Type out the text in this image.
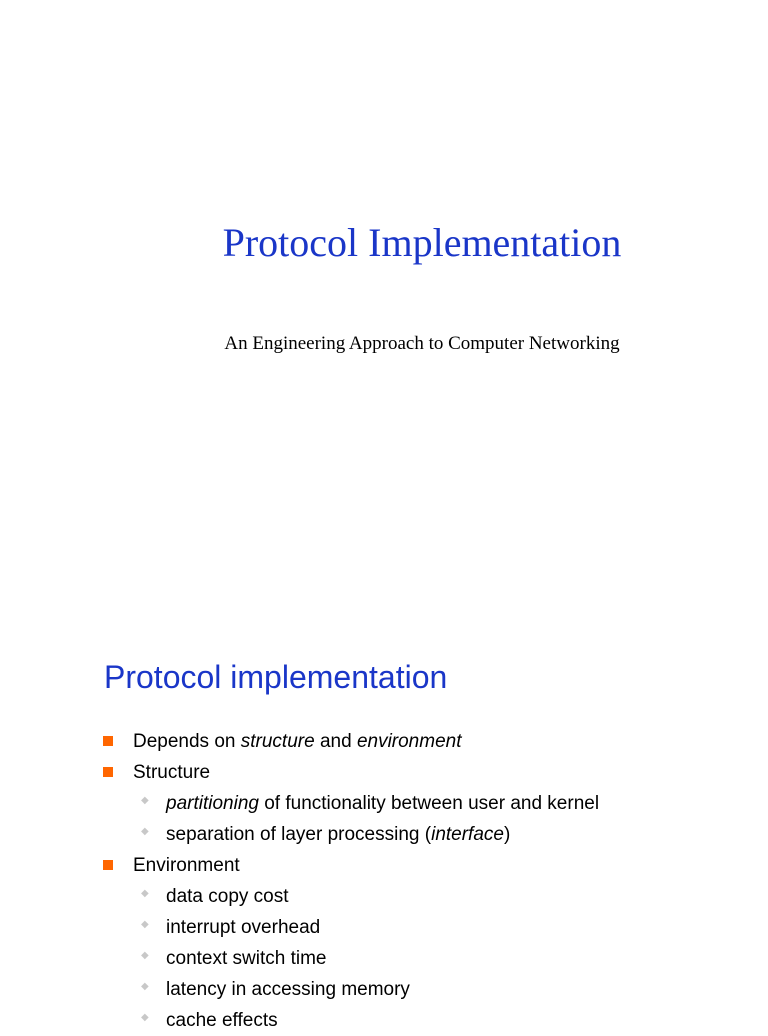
Protocol Implementation
An Engineering Approach to Computer Networking
Protocol implementation
Depends on structure and environment
Structure
◆ partitioning of functionality between user and kernel
◆ separation of layer processing (interface)
Environment
◆ data copy cost
◆ interrupt overhead
◆ context switch time
◆ latency in accessing memory
◆ cache effects
